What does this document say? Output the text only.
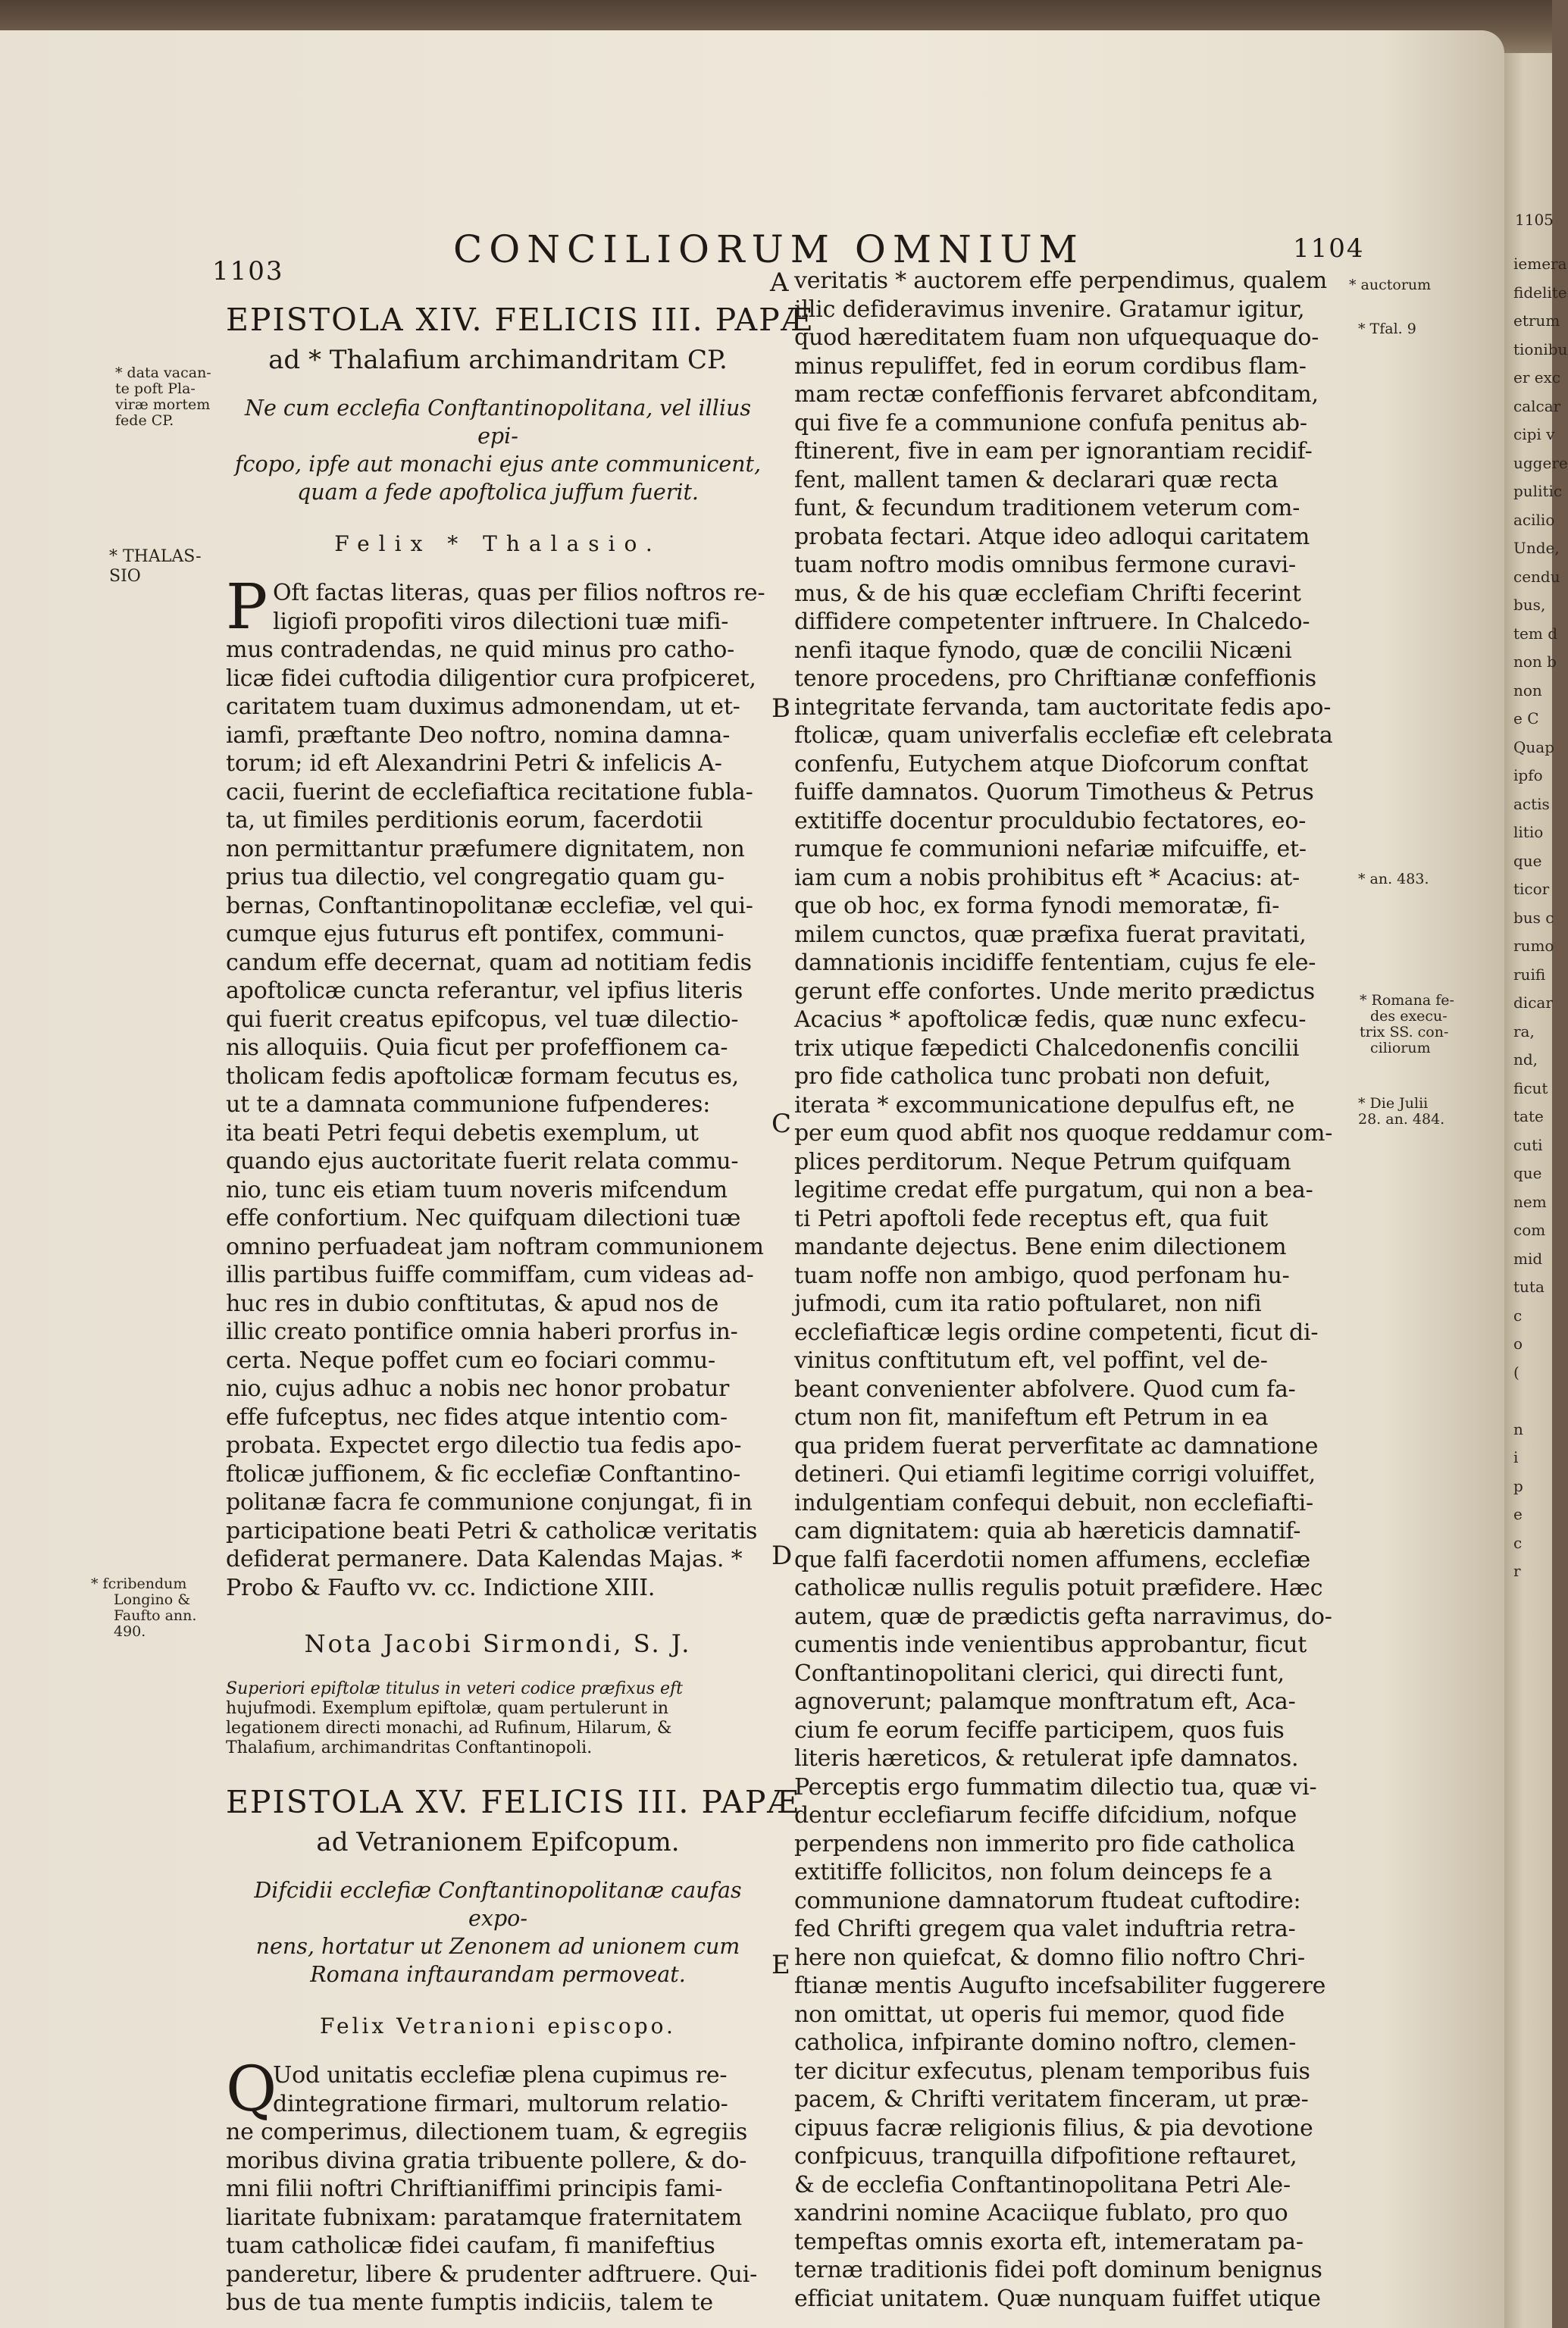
1105
iemera
fidelite
etrum
tionibu
er exc
calcar
cipi v
uggere
pulitic
acilio
Unde,
cendu
bus,
tem d
non b
non
e C
Quap
ipfo
actis
litio
que
ticor
bus c
rumo
ruifi
dicar
ra,
nd,
ficut
tate
cuti
que
nem
com
mid
tuta
c
o
(
n
i
p
e
c
r
1103	CONCILIORUM OMNIUM	1104
EPISTOLA XIV. FELICIS III. PAPÆ
ad * Thalafium archimandritam CP.
Ne cum ecclefia Conftantinopolitana, vel illius epi-
fcopo, ipfe aut monachi ejus ante communicent,
quam a fede apoftolica juffum fuerit.
Felix * Thalasio.
P Oft factas literas, quas per filios noftros re-
ligiofi propofiti viros dilectioni tuæ mifi-
mus contradendas, ne quid minus pro catho-
licæ fidei cuftodia diligentior cura profpiceret,
caritatem tuam duximus admonendam, ut et-
iamfi, præftante Deo noftro, nomina damna-
torum; id eft Alexandrini Petri & infelicis A-
cacii, fuerint de ecclefiaftica recitatione fubla-
ta, ut fimiles perditionis eorum, facerdotii
non permittantur præfumere dignitatem, non
prius tua dilectio, vel congregatio quam gu-
bernas, Conftantinopolitanæ ecclefiæ, vel qui-
cumque ejus futurus eft pontifex, communi-
candum effe decernat, quam ad notitiam fedis
apoftolicæ cuncta referantur, vel ipfius literis
qui fuerit creatus epifcopus, vel tuæ dilectio-
nis alloquiis. Quia ficut per profeffionem ca-
tholicam fedis apoftolicæ formam fecutus es,
ut te a damnata communione fufpenderes:
ita beati Petri fequi debetis exemplum, ut
quando ejus auctoritate fuerit relata commu-
nio, tunc eis etiam tuum noveris mifcendum
effe confortium. Nec quifquam dilectioni tuæ
omnino perfuadeat jam noftram communionem
illis partibus fuiffe commiffam, cum videas ad-
huc res in dubio conftitutas, & apud nos de
illic creato pontifice omnia haberi prorfus in-
certa. Neque poffet cum eo fociari commu-
nio, cujus adhuc a nobis nec honor probatur
effe fufceptus, nec fides atque intentio com-
probata. Expectet ergo dilectio tua fedis apo-
ftolicæ juffionem, & fic ecclefiæ Conftantino-
politanæ facra fe communione conjungat, fi in
participatione beati Petri & catholicæ veritatis
defiderat permanere. Data Kalendas Majas. *
Probo & Faufto vv. cc. Indictione XIII.
Nota Jacobi Sirmondi, S. J.
Superiori epiftolæ titulus in veteri codice præfixus eft
hujufmodi. Exemplum epiftolæ, quam pertulerunt in
legationem directi monachi, ad Rufinum, Hilarum, &
Thalafium, archimandritas Conftantinopoli.
EPISTOLA XV. FELICIS III. PAPÆ
ad Vetranionem Epifcopum.
Difcidii ecclefiæ Conftantinopolitanæ caufas expo-
nens, hortatur ut Zenonem ad unionem cum
Romana inftaurandam permoveat.
Felix Vetranioni episcopo.
Q
Uod unitatis ecclefiæ plena cupimus re-
dintegratione firmari, multorum relatio-
ne comperimus, dilectionem tuam, & egregiis
moribus divina gratia tribuente pollere, & do-
mni filii noftri Chriftianiffimi principis fami-
liaritate fubnixam: paratamque fraternitatem
tuam catholicæ fidei caufam, fi manifeftius
panderetur, libere & prudenter adftruere. Qui-
bus de tua mente fumptis indiciis, talem te
veritatis * auctorem effe perpendimus, qualem
illic defideravimus invenire. Gratamur igitur,
quod hæreditatem fuam non ufquequaque do-
minus repuliffet, fed in eorum cordibus flam-
mam rectæ confeffionis fervaret abfconditam,
qui five fe a communione confufa penitus ab-
ftinerent, five in eam per ignorantiam recidif-
fent, mallent tamen & declarari quæ recta
funt, & fecundum traditionem veterum com-
probata fectari. Atque ideo adloqui caritatem
tuam noftro modis omnibus fermone curavi-
mus, & de his quæ ecclefiam Chrifti fecerint
diffidere competenter inftruere. In Chalcedo-
nenfi itaque fynodo, quæ de concilii Nicæni
tenore procedens, pro Chriftianæ confeffionis
integritate fervanda, tam auctoritate fedis apo-
ftolicæ, quam univerfalis ecclefiæ eft celebrata
confenfu, Eutychem atque Diofcorum conftat
fuiffe damnatos. Quorum Timotheus & Petrus
extitiffe docentur proculdubio fectatores, eo-
rumque fe communioni nefariæ mifcuiffe, et-
iam cum a nobis prohibitus eft * Acacius: at-
que ob hoc, ex forma fynodi memoratæ, fi-
milem cunctos, quæ præfixa fuerat pravitati,
damnationis incidiffe fententiam, cujus fe ele-
gerunt effe confortes. Unde merito prædictus
Acacius * apoftolicæ fedis, quæ nunc exfecu-
trix utique fæpedicti Chalcedonenfis concilii
pro fide catholica tunc probati non defuit,
iterata * excommunicatione depulfus eft, ne
per eum quod abfit nos quoque reddamur com-
plices perditorum. Neque Petrum quifquam
legitime credat effe purgatum, qui non a bea-
ti Petri apoftoli fede receptus eft, qua fuit
mandante dejectus. Bene enim dilectionem
tuam noffe non ambigo, quod perfonam hu-
jufmodi, cum ita ratio poftularet, non nifi
ecclefiafticæ legis ordine competenti, ficut di-
vinitus conftitutum eft, vel poffint, vel de-
beant convenienter abfolvere. Quod cum fa-
ctum non fit, manifeftum eft Petrum in ea
qua pridem fuerat perverfitate ac damnatione
detineri. Qui etiamfi legitime corrigi voluiffet,
indulgentiam confequi debuit, non ecclefiafti-
cam dignitatem: quia ab hæreticis damnatif-
que falfi facerdotii nomen affumens, ecclefiæ
catholicæ nullis regulis potuit præfidere. Hæc
autem, quæ de prædictis gefta narravimus, do-
cumentis inde venientibus approbantur, ficut
Conftantinopolitani clerici, qui directi funt,
agnoverunt; palamque monftratum eft, Aca-
cium fe eorum feciffe participem, quos fuis
literis hæreticos, & retulerat ipfe damnatos.
Perceptis ergo fummatim dilectio tua, quæ vi-
dentur ecclefiarum feciffe difcidium, nofque
perpendens non immerito pro fide catholica
extitiffe follicitos, non folum deinceps fe a
communione damnatorum ftudeat cuftodire:
fed Chrifti gregem qua valet induftria retra-
here non quiefcat, & domno filio noftro Chri-
ftianæ mentis Augufto incefsabiliter fuggerere
non omittat, ut operis fui memor, quod fide
catholica, infpirante domino noftro, clemen-
ter dicitur exfecutus, plenam temporibus fuis
pacem, & Chrifti veritatem finceram, ut præ-
cipuus facræ religionis filius, & pia devotione
confpicuus, tranquilla difpofitione reftauret,
& de ecclefia Conftantinopolitana Petri Ale-
xandrini nomine Acaciique fublato, pro quo
tempeftas omnis exorta eft, intemeratam pa-
ternæ traditionis fidei poft dominum benignus
efficiat unitatem. Quæ nunquam fuiffet utique
A
B
C
D
E
* data vacan-
te poft Pla-
viræ mortem
fede CP.
* THALAS-
SIO
* fcribendum
Longino &
Faufto ann.
490.
* auctorum
* Tfal. 9
* an. 483.
* Romana fe-
des execu-
trix SS. con-
ciliorum
* Die Julii
28. an. 484.
